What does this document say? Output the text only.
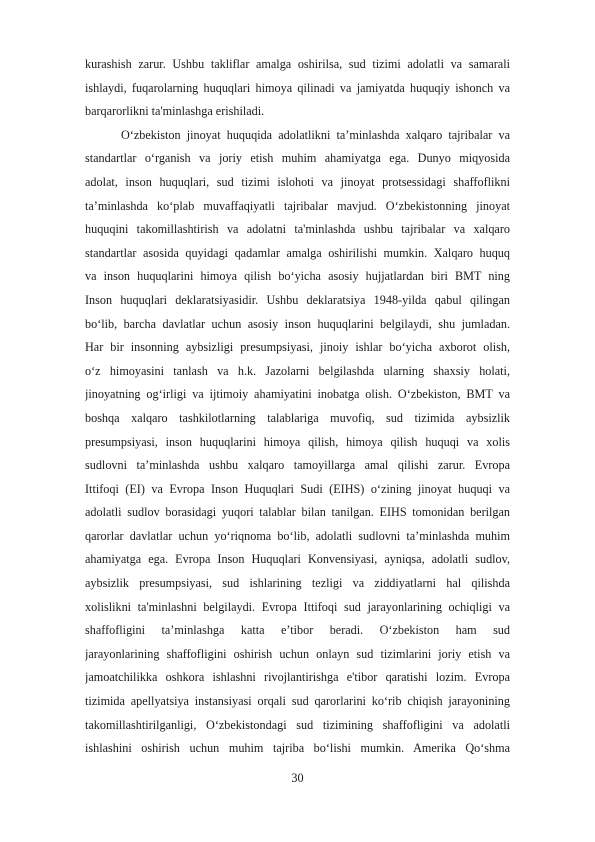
kurashish zarur. Ushbu takliflar amalga oshirilsa, sud tizimi adolatli va samarali
ishlaydi, fuqarolarning huquqlari himoya qilinadi va jamiyatda huquqiy ishonch va
barqarorlikni ta'minlashga erishiladi.
O‘zbekiston jinoyat huquqida adolatlikni ta’minlashda xalqaro tajribalar va
standartlar o‘rganish va joriy etish muhim ahamiyatga ega. Dunyo miqyosida
adolat, inson huquqlari, sud tizimi islohoti va jinoyat protsessidagi shaffoflikni
ta’minlashda ko‘plab muvaffaqiyatli tajribalar mavjud. O‘zbekistonning jinoyat
huquqini takomillashtirish va adolatni ta'minlashda ushbu tajribalar va xalqaro
standartlar asosida quyidagi qadamlar amalga oshirilishi mumkin. Xalqaro huquq
va inson huquqlarini himoya qilish bo‘yicha asosiy hujjatlardan biri BMT ning
Inson huquqlari deklaratsiyasidir. Ushbu deklaratsiya 1948-yilda qabul qilingan
bo‘lib, barcha davlatlar uchun asosiy inson huquqlarini belgilaydi, shu jumladan.
Har bir insonning aybsizligi presumpsiyasi, jinoiy ishlar bo‘yicha axborot olish,
o‘z himoyasini tanlash va h.k. Jazolarni belgilashda ularning shaxsiy holati,
jinoyatning og‘irligi va ijtimoiy ahamiyatini inobatga olish. O‘zbekiston, BMT va
boshqa xalqaro tashkilotlarning talablariga muvofiq, sud tizimida aybsizlik
presumpsiyasi, inson huquqlarini himoya qilish, himoya qilish huquqi va xolis
sudlovni ta’minlashda ushbu xalqaro tamoyillarga amal qilishi zarur. Evropa
Ittifoqi (EI) va Evropa Inson Huquqlari Sudi (EIHS) o‘zining jinoyat huquqi va
adolatli sudlov borasidagi yuqori talablar bilan tanilgan. EIHS tomonidan berilgan
qarorlar davlatlar uchun yo‘riqnoma bo‘lib, adolatli sudlovni ta’minlashda muhim
ahamiyatga ega. Evropa Inson Huquqlari Konvensiyasi, ayniqsa, adolatli sudlov,
aybsizlik presumpsiyasi, sud ishlarining tezligi va ziddiyatlarni hal qilishda
xolislikni ta'minlashni belgilaydi. Evropa Ittifoqi sud jarayonlarining ochiqligi va
shaffofligini ta’minlashga katta e’tibor beradi. O‘zbekiston ham sud
jarayonlarining shaffofligini oshirish uchun onlayn sud tizimlarini joriy etish va
jamoatchilikka oshkora ishlashni rivojlantirishga e'tibor qaratishi lozim. Evropa
tizimida apellyatsiya instansiyasi orqali sud qarorlarini ko‘rib chiqish jarayonining
takomillashtirilganligi, O‘zbekistondagi sud tizimining shaffofligini va adolatli
ishlashini oshirish uchun muhim tajriba bo‘lishi mumkin. Amerika Qo‘shma
30
